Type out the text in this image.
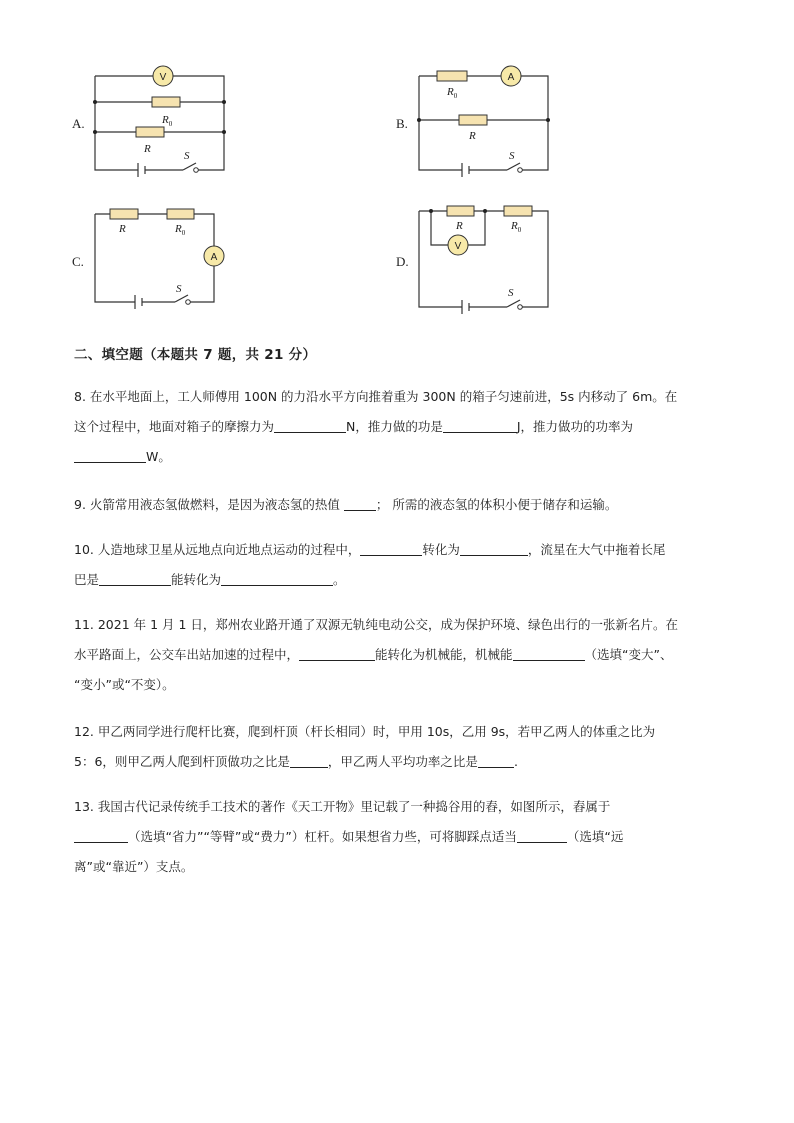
A.	B.
C.	D.
V
$R_0$
R
S
$R_0$
A
R
S
R	$R_0$
A
S
R	$R_0$
V
S
二、填空题（本题共 7 题，共 21 分）
8. 在水平地面上，工人师傅用 100N 的力沿水平方向推着重为 300N 的箱子匀速前进，5s 内移动了 6m。在
这个过程中，地面对箱子的摩擦力为	N，推力做的功是	J，推力做功的功率为
W。
9. 火箭常用液态氢做燃料，是因为液态氢的热值	； 所需的液态氢的体积小便于储存和运输。
10. 人造地球卫星从远地点向近地点运动的过程中，	转化为	，流星在大气中拖着长尾
巴是	能转化为	。
11. 2021 年 1 月 1 日，郑州农业路开通了双源无轨纯电动公交，成为保护环境、绿色出行的一张新名片。在
水平路面上，公交车出站加速的过程中，	能转化为机械能，机械能	（选填“变大”、
“变小”或“不变）。
12. 甲乙两同学进行爬杆比赛，爬到杆顶（杆长相同）时，甲用 10s，乙用 9s，若甲乙两人的体重之比为
5：6，则甲乙两人爬到杆顶做功之比是	，甲乙两人平均功率之比是	.
13. 我国古代记录传统手工技术的著作《天工开物》里记载了一种捣谷用的舂，如图所示，舂属于
（选填“省力”“等臂”或“费力”）杠杆。如果想省力些，可将脚踩点适当	（选填“远
离”或“靠近”）支点。
